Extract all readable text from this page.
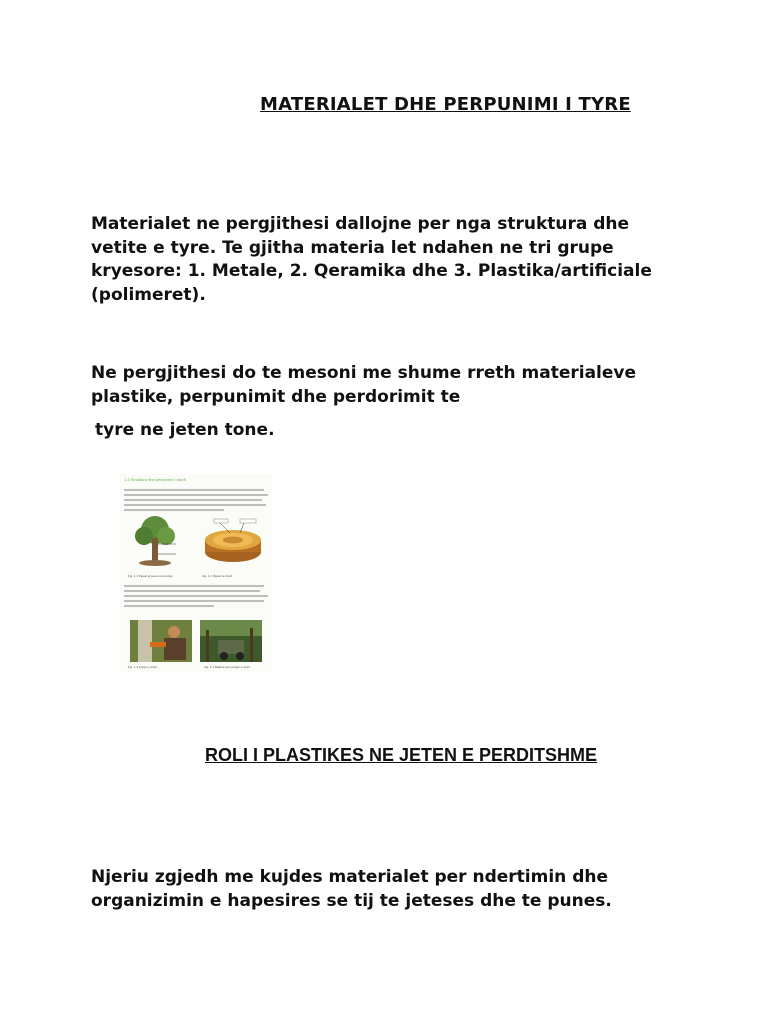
MATERIALET DHE PERPUNIMI I TYRE

Materialet ne pergjithesi dallojne per nga struktura dhe vetite e tyre. Te gjitha materia let ndahen ne tri grupe kryesore: 1. Metale, 2. Qeramika dhe 3. Plastika/artificiale (polimeret).

Ne pergjithesi do te mesoni me shume rreth materialeve plastike, perpunimit dhe perdorimit te

tyre ne jeten tone.

1.3 Struktura dhe perpunimi i drurit
Fig. 1.1 Pjesët kryesore të pemës	Fig. 1.2 Pjesët të drurit
Fig. 1.3 Prerja e drurit	Fig. 1.4 Makinë për prerjen e drurit
ROLI I PLASTIKES NE JETEN E PERDITSHME

Njeriu zgjedh me kujdes materialet per ndertimin dhe organizimin e hapesires se tij te jeteses dhe te punes.
